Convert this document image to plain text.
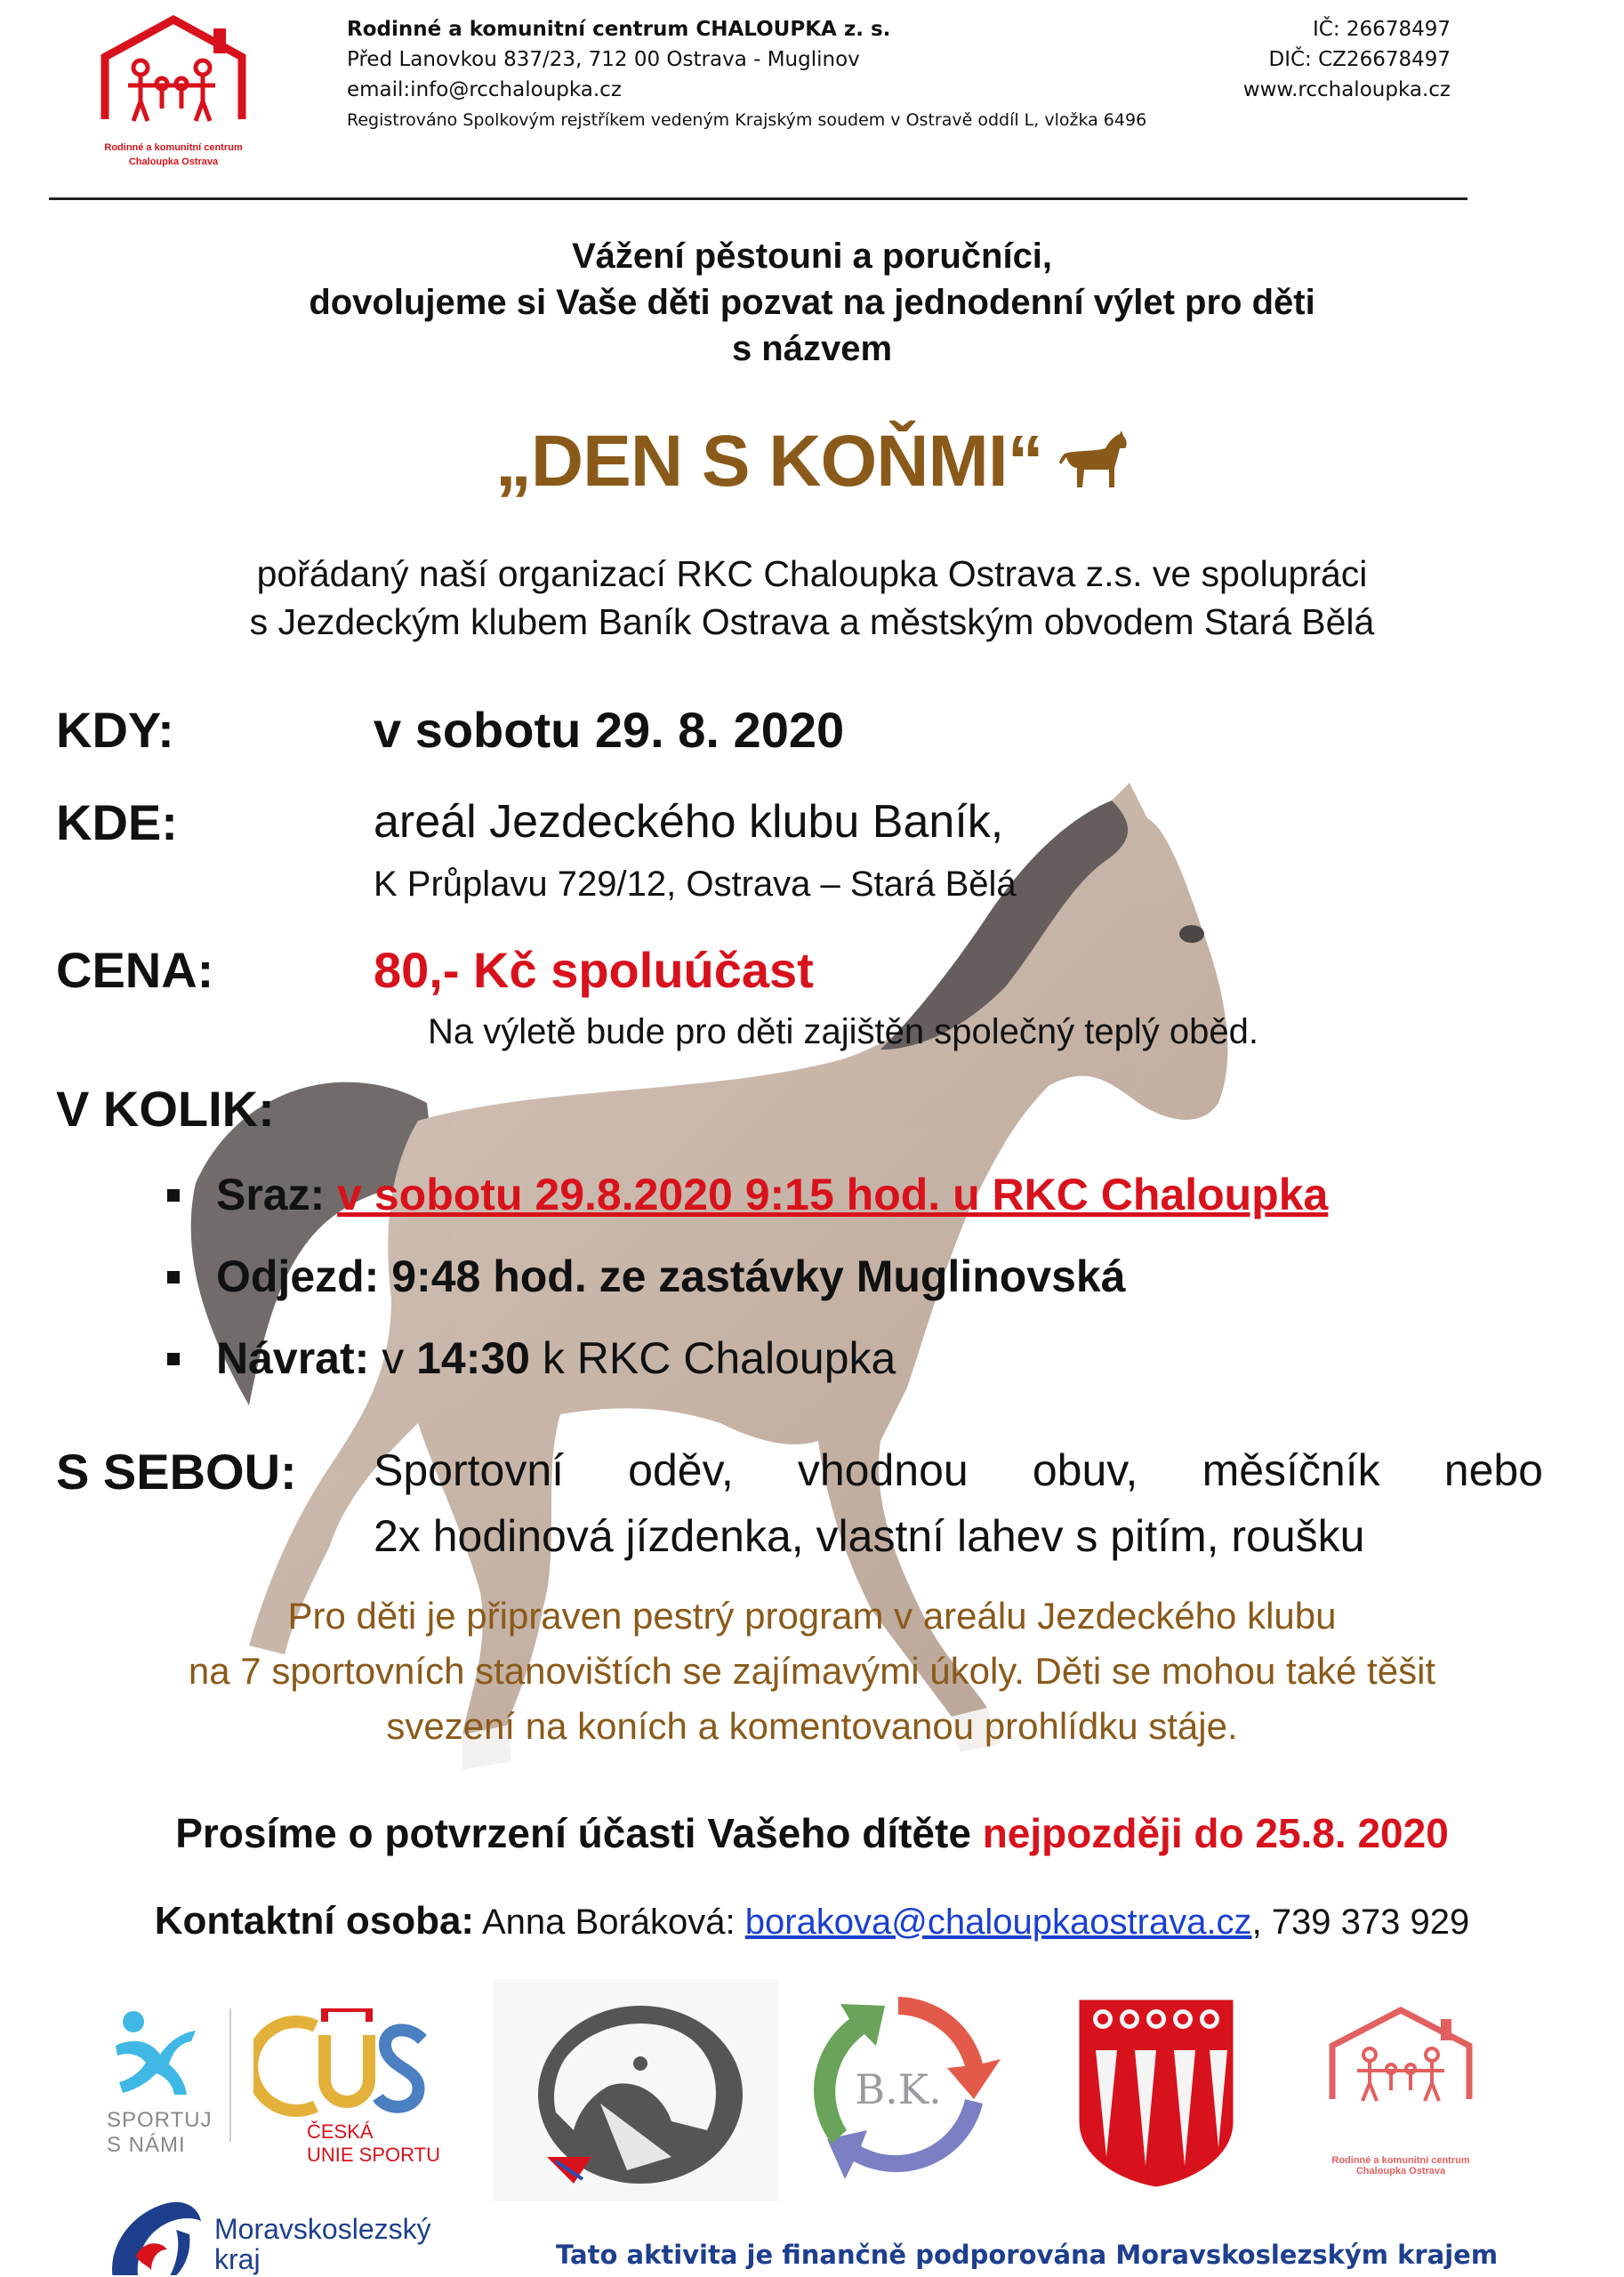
Rodinné a komunitní centrum
Chaloupka Ostrava
Rodinné a komunitní centrum CHALOUPKA z. s.
Před Lanovkou 837/23, 712 00 Ostrava - Muglinov
email:info@rcchaloupka.cz
Registrováno Spolkovým rejstříkem vedeným Krajským soudem v Ostravě oddíl L, vložka 6496
IČ: 26678497
DIČ: CZ26678497
www.rcchaloupka.cz
Vážení pěstouni a poručníci,
dovolujeme si Vaše děti pozvat na jednodenní výlet pro děti
s názvem
„DEN S KOŇMI“
pořádaný naší organizací RKC Chaloupka Ostrava z.s. ve spolupráci
s Jezdeckým klubem Baník Ostrava a městským obvodem Stará Bělá
KDY:	v sobotu 29. 8. 2020
KDE:	areál Jezdeckého klubu Baník,
K Průplavu 729/12, Ostrava – Stará Bělá
CENA:	80,- Kč spoluúčast
Na výletě bude pro děti zajištěn společný teplý oběd.
V KOLIK:
Sraz: v sobotu 29.8.2020 9:15 hod. u RKC Chaloupka
Odjezd: 9:48 hod. ze zastávky Muglinovská
Návrat: v 14:30 k RKC Chaloupka
S SEBOU: Sportovní oděv, vhodnou obuv, měsíčník nebo
2x hodinová jízdenka, vlastní lahev s pitím, roušku
Pro děti je připraven pestrý program v areálu Jezdeckého klubu
na 7 sportovních stanovištích se zajímavými úkoly. Děti se mohou také těšit
svezení na koních a komentovanou prohlídku stáje.
Prosíme o potvrzení účasti Vašeho dítěte nejpozději do 25.8. 2020
Kontaktní osoba: Anna Boráková: borakova@chaloupkaostrava.cz, 739 373 929
SPORTUJ
S NÁMI
ČESKÁ
UNIE SPORTU
B.K.
Rodinné a komunitní centrum
Chaloupka Ostrava
Moravskoslezský
kraj	Tato aktivita je finančně podporována Moravskoslezským krajem
